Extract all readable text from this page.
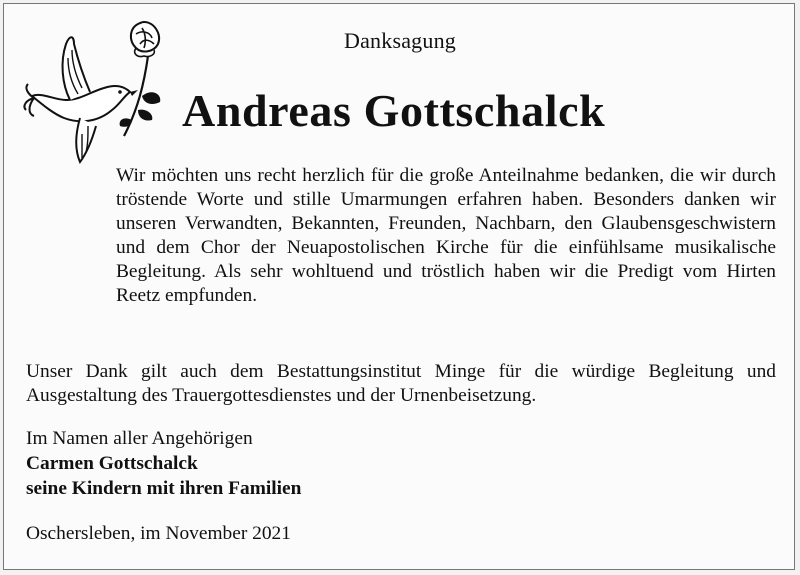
Danksagung
Andreas Gottschalck

Wir möchten uns recht herzlich für die große Anteilnahme bedanken, die wir durch tröstende Worte und stille Umarmungen erfahren haben. Besonders danken wir unseren Verwandten, Bekannten, Freunden, Nachbarn, den Glaubensgeschwistern und dem Chor der Neuapostolischen Kirche für die einfühlsame musikalische Begleitung. Als sehr wohltuend und tröstlich haben wir die Predigt vom Hirten Reetz empfunden.

Unser Dank gilt auch dem Bestattungsinstitut Minge für die würdige Begleitung und Ausgestaltung des Trauergottesdienstes und der Urnenbeisetzung.

Im Namen aller Angehörigen
Carmen Gottschalck
seine Kindern mit ihren Familien
Oschersleben, im November 2021
